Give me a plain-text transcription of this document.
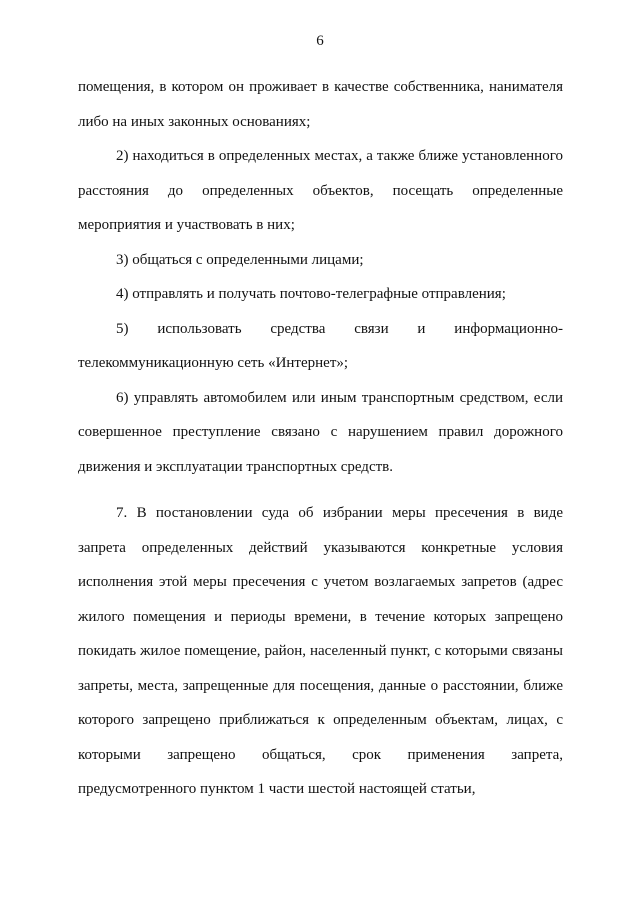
6

помещения, в котором он проживает в качестве собственника, нанимателя либо на иных законных основаниях;

2) находиться в определенных местах, а также ближе установленного расстояния до определенных объектов, посещать определенные мероприятия и участвовать в них;

3) общаться с определенными лицами;

4) отправлять и получать почтово-телеграфные отправления;

5) использовать средства связи и информационно-телекоммуникационную сеть «Интернет»;

6) управлять автомобилем или иным транспортным средством, если совершенное преступление связано с нарушением правил дорожного движения и эксплуатации транспортных средств.

7. В постановлении суда об избрании меры пресечения в виде запрета определенных действий указываются конкретные условия исполнения этой меры пресечения с учетом возлагаемых запретов (адрес жилого помещения и периоды времени, в течение которых запрещено покидать жилое помещение, район, населенный пункт, с которыми связаны запреты, места, запрещенные для посещения, данные о расстоянии, ближе которого запрещено приближаться к определенным объектам, лицах, с которыми запрещено общаться, срок применения запрета, предусмотренного пунктом 1 части шестой настоящей статьи,
